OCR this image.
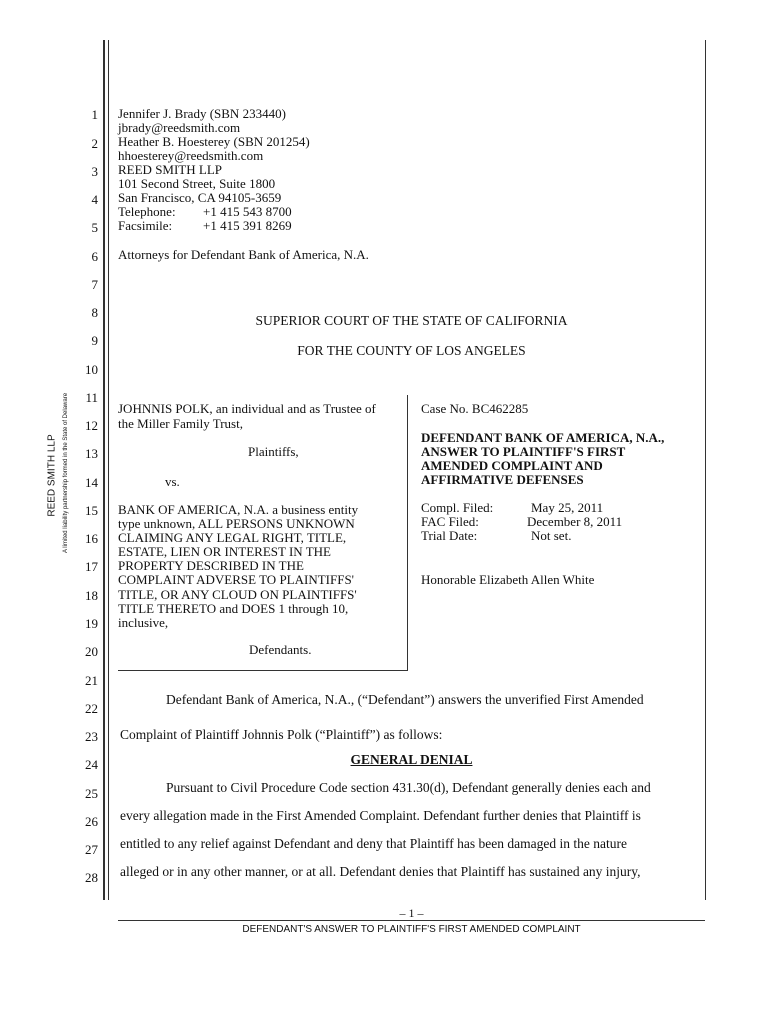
REED SMITH LLP A limited liability partnership formed in the State of Delaware
1
2
3
4
5
6
7
8
9
10
11
12
13
14
15
16
17
18
19
20
21
22
23
24
25
26
27
28
Jennifer J. Brady (SBN 233440)
jbrady@reedsmith.com
Heather B. Hoesterey (SBN 201254)
hhoesterey@reedsmith.com
REED SMITH LLP
101 Second Street, Suite 1800
San Francisco, CA 94105-3659
Telephone: +1 415 543 8700
Facsimile: +1 415 391 8269
Attorneys for Defendant Bank of America, N.A.
SUPERIOR COURT OF THE STATE OF CALIFORNIA
FOR THE COUNTY OF LOS ANGELES
JOHNNIS POLK, an individual and as Trustee of
the Miller Family Trust,
Plaintiffs,
vs.
BANK OF AMERICA, N.A. a business entity
type unknown, ALL PERSONS UNKNOWN
CLAIMING ANY LEGAL RIGHT, TITLE,
ESTATE, LIEN OR INTEREST IN THE
PROPERTY DESCRIBED IN THE
COMPLAINT ADVERSE TO PLAINTIFFS'
TITLE, OR ANY CLOUD ON PLAINTIFFS'
TITLE THERETO and DOES 1 through 10,
inclusive,
Defendants.
Case No. BC462285
DEFENDANT BANK OF AMERICA, N.A.,
ANSWER TO PLAINTIFF'S FIRST
AMENDED COMPLAINT AND
AFFIRMATIVE DEFENSES
Compl. Filed:	May 25, 2011
FAC Filed:	December 8, 2011
Trial Date:	Not set.
Honorable Elizabeth Allen White
Defendant Bank of America, N.A., (“Defendant”) answers the unverified First Amended
Complaint of Plaintiff Johnnis Polk (“Plaintiff”) as follows:
GENERAL DENIAL
Pursuant to Civil Procedure Code section 431.30(d), Defendant generally denies each and
every allegation made in the First Amended Complaint. Defendant further denies that Plaintiff is
entitled to any relief against Defendant and deny that Plaintiff has been damaged in the nature
alleged or in any other manner, or at all. Defendant denies that Plaintiff has sustained any injury,
– 1 –
DEFENDANT'S ANSWER TO PLAINTIFF'S FIRST AMENDED COMPLAINT
